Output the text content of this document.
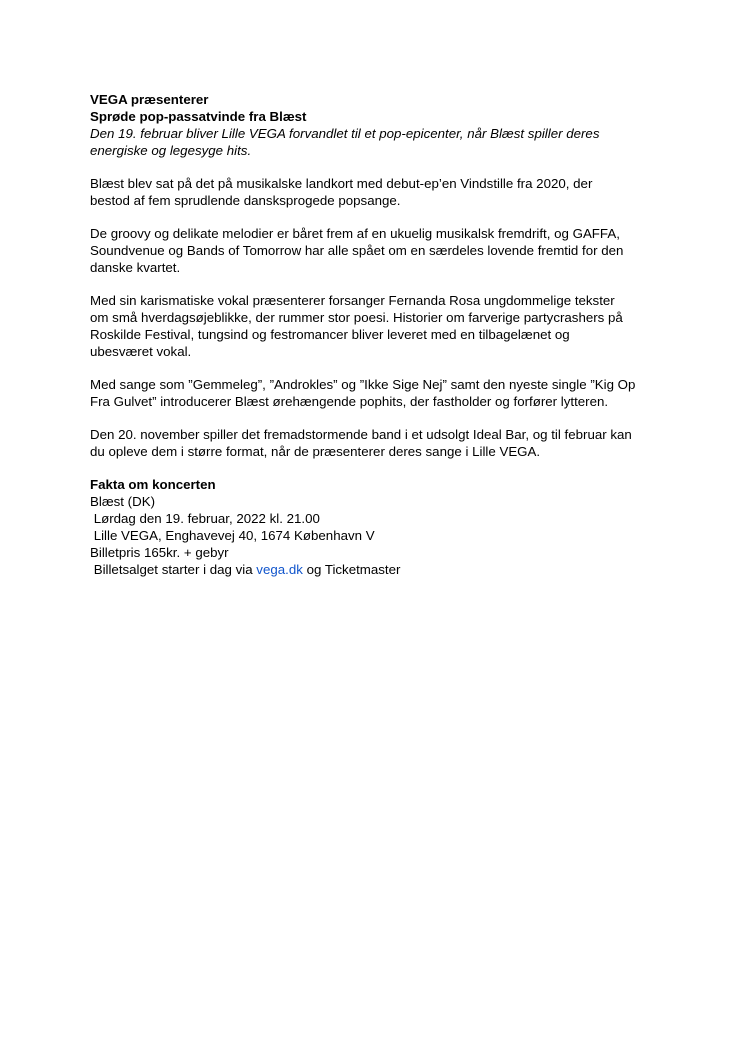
VEGA præsenterer
Sprøde pop-passatvinde fra Blæst
Den 19. februar bliver Lille VEGA forvandlet til et pop-epicenter, når Blæst spiller deres
energiske og legesyge hits.
Blæst blev sat på det på musikalske landkort med debut-ep’en Vindstille fra 2020, der
bestod af fem sprudlende dansksprogede popsange.
De groovy og delikate melodier er båret frem af en ukuelig musikalsk fremdrift, og GAFFA,
Soundvenue og Bands of Tomorrow har alle spået om en særdeles lovende fremtid for den
danske kvartet.
Med sin karismatiske vokal præsenterer forsanger Fernanda Rosa ungdommelige tekster
om små hverdagsøjeblikke, der rummer stor poesi. Historier om farverige partycrashers på
Roskilde Festival, tungsind og festromancer bliver leveret med en tilbagelænet og
ubesværet vokal.
Med sange som ”Gemmeleg”, ”Androkles” og ”Ikke Sige Nej” samt den nyeste single ”Kig Op
Fra Gulvet” introducerer Blæst ørehængende pophits, der fastholder og forfører lytteren.
Den 20. november spiller det fremadstormende band i et udsolgt Ideal Bar, og til februar kan
du opleve dem i større format, når de præsenterer deres sange i Lille VEGA.
Fakta om koncerten
Blæst (DK)
Lørdag den 19. februar, 2022 kl. 21.00
Lille VEGA, Enghavevej 40, 1674 København V
Billetpris 165kr. + gebyr
Billetsalget starter i dag via vega.dk og Ticketmaster
